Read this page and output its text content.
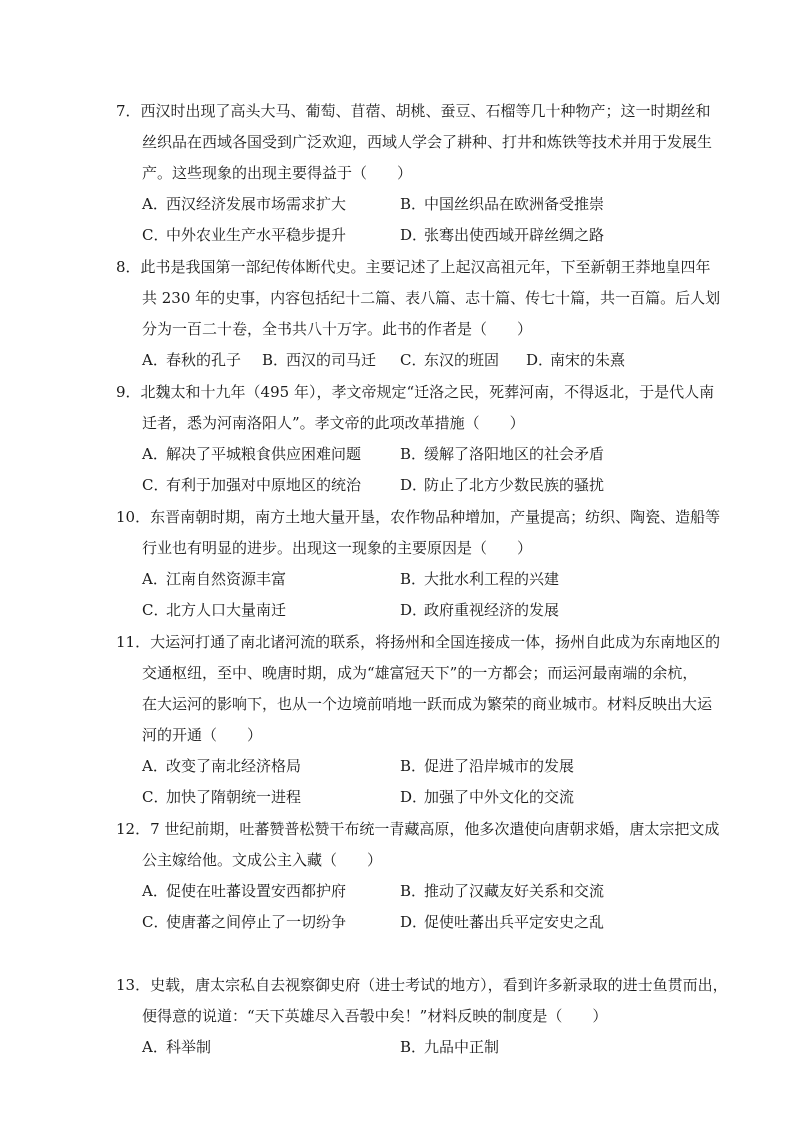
7．西汉时出现了高头大马、葡萄、苜蓿、胡桃、蚕豆、石榴等几十种物产；这一时期丝和
丝织品在西域各国受到广泛欢迎，西域人学会了耕种、打井和炼铁等技术并用于发展生
产。这些现象的出现主要得益于（　　）
A．西汉经济发展市场需求扩大	B．中国丝织品在欧洲备受推崇
C．中外农业生产水平稳步提升	D．张骞出使西域开辟丝绸之路
8．此书是我国第一部纪传体断代史。主要记述了上起汉高祖元年，下至新朝王莽地皇四年
共 230 年的史事，内容包括纪十二篇、表八篇、志十篇、传七十篇，共一百篇。后人划
分为一百二十卷，全书共八十万字。此书的作者是（　　）
A．春秋的孔子 B．西汉的司马迁 C．东汉的班固 D．南宋的朱熹
9．北魏太和十九年（495 年），孝文帝规定“迁洛之民，死葬河南，不得返北，于是代人南
迁者，悉为河南洛阳人”。孝文帝的此项改革措施（　　）
A．解决了平城粮食供应困难问题	B．缓解了洛阳地区的社会矛盾
C．有利于加强对中原地区的统治	D．防止了北方少数民族的骚扰
10．东晋南朝时期，南方土地大量开垦，农作物品种增加，产量提高；纺织、陶瓷、造船等
行业也有明显的进步。出现这一现象的主要原因是（　　）
A．江南自然资源丰富	B．大批水利工程的兴建
C．北方人口大量南迁	D．政府重视经济的发展
11．大运河打通了南北诸河流的联系，将扬州和全国连接成一体，扬州自此成为东南地区的
交通枢纽，至中、晚唐时期，成为“雄富冠天下”的一方都会；而运河最南端的余杭，
在大运河的影响下，也从一个边境前哨地一跃而成为繁荣的商业城市。材料反映出大运
河的开通（　　）
A．改变了南北经济格局	B．促进了沿岸城市的发展
C．加快了隋朝统一进程	D．加强了中外文化的交流
12．7 世纪前期，吐蕃赞普松赞干布统一青藏高原，他多次遣使向唐朝求婚，唐太宗把文成
公主嫁给他。文成公主入藏（　　）
A．促使在吐蕃设置安西都护府	B．推动了汉藏友好关系和交流
C．使唐蕃之间停止了一切纷争	D．促使吐蕃出兵平定安史之乱
13．史载，唐太宗私自去视察御史府（进士考试的地方），看到许多新录取的进士鱼贯而出，
便得意的说道：“天下英雄尽入吾彀中矣！”材料反映的制度是（　　）
A．科举制	B．九品中正制
